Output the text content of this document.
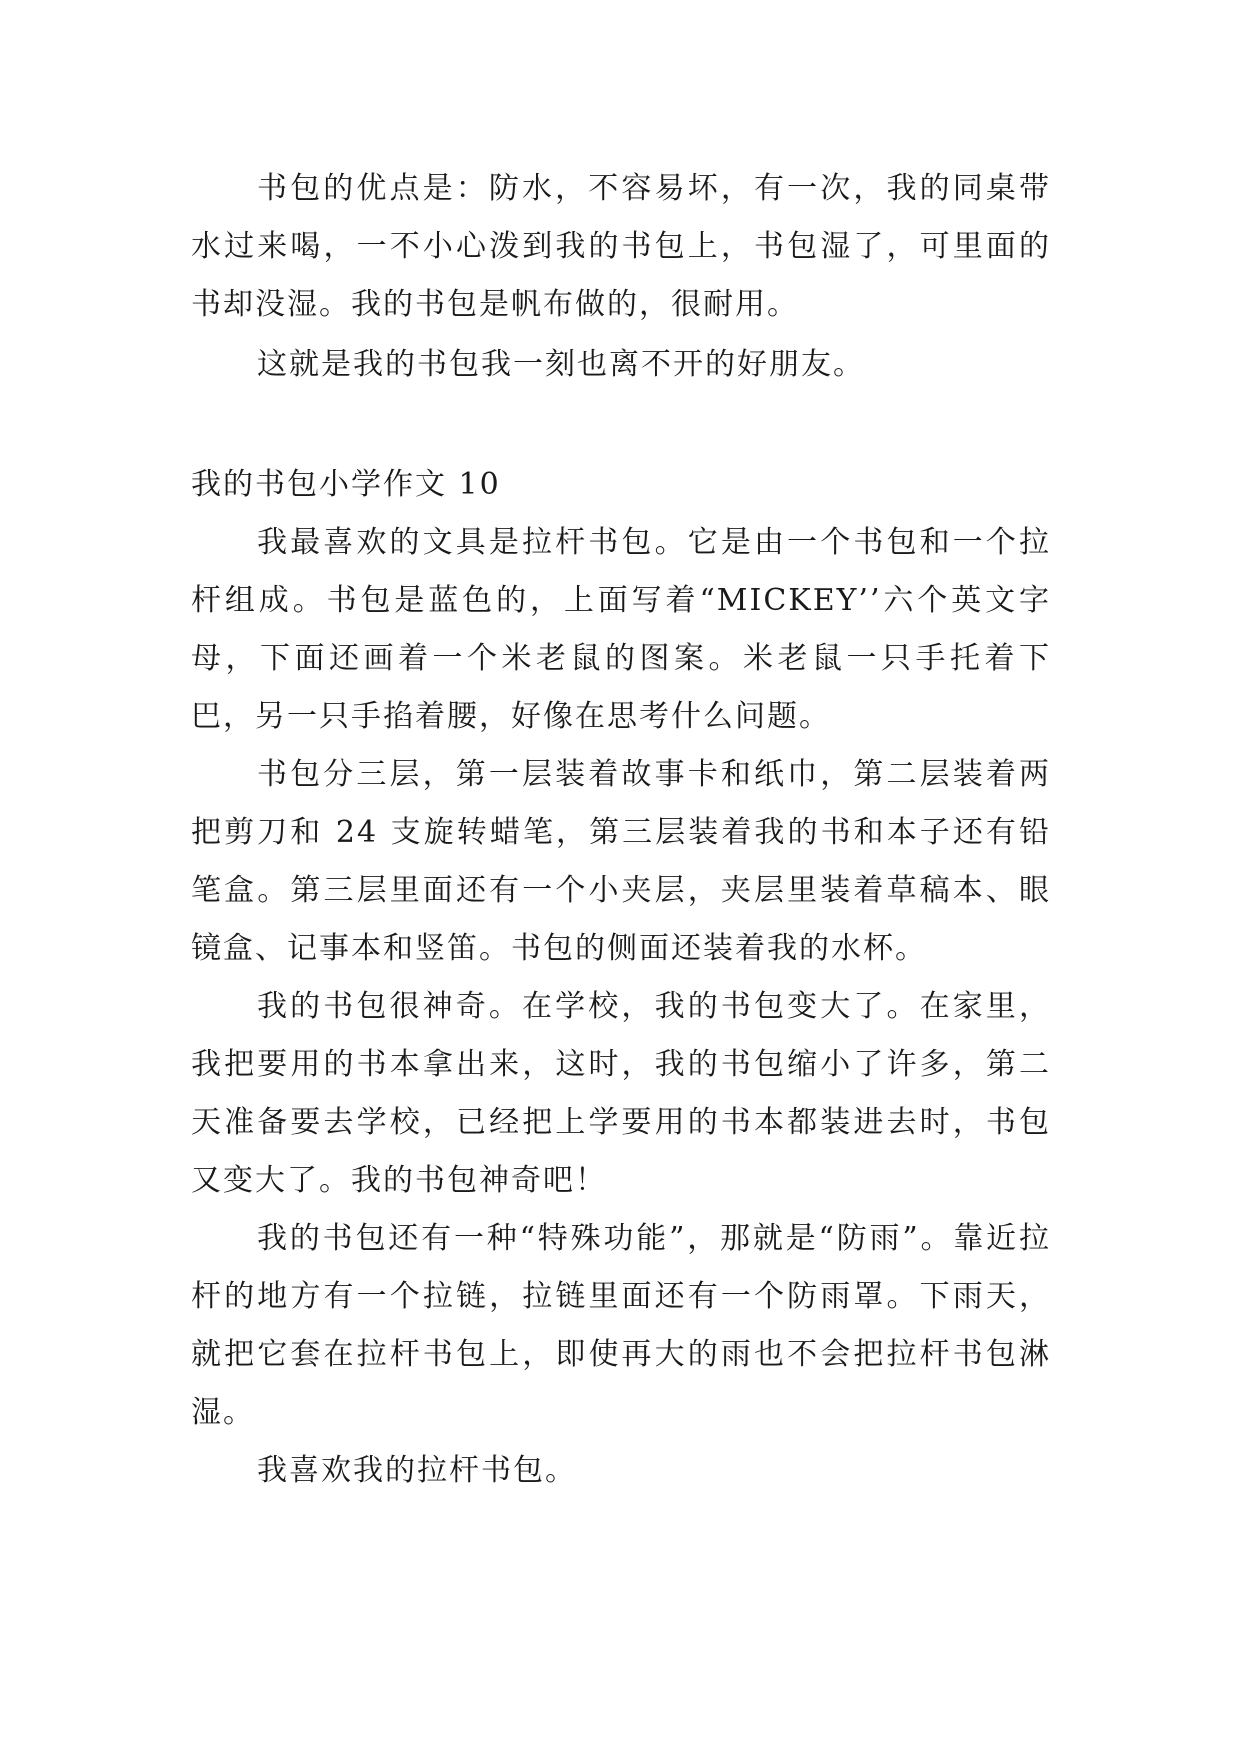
书包的优点是：防水，不容易坏，有一次，我的同桌带水过来喝，一不小心泼到我的书包上，书包湿了，可里面的书却没湿。我的书包是帆布做的，很耐用。

这就是我的书包我一刻也离不开的好朋友。

我的书包小学作文 10

我最喜欢的文具是拉杆书包。它是由一个书包和一个拉杆组成。书包是蓝色的，上面写着“MICKEY’’六个英文字母，下面还画着一个米老鼠的图案。米老鼠一只手托着下巴，另一只手掐着腰，好像在思考什么问题。

书包分三层，第一层装着故事卡和纸巾，第二层装着两把剪刀和 24 支旋转蜡笔，第三层装着我的书和本子还有铅笔盒。第三层里面还有一个小夹层，夹层里装着草稿本、眼镜盒、记事本和竖笛。书包的侧面还装着我的水杯。

我的书包很神奇。在学校，我的书包变大了。在家里，我把要用的书本拿出来，这时，我的书包缩小了许多，第二天准备要去学校，已经把上学要用的书本都装进去时，书包又变大了。我的书包神奇吧！

我的书包还有一种“特殊功能”，那就是“防雨”。靠近拉杆的地方有一个拉链，拉链里面还有一个防雨罩。下雨天，就把它套在拉杆书包上，即使再大的雨也不会把拉杆书包淋湿。

我喜欢我的拉杆书包。
